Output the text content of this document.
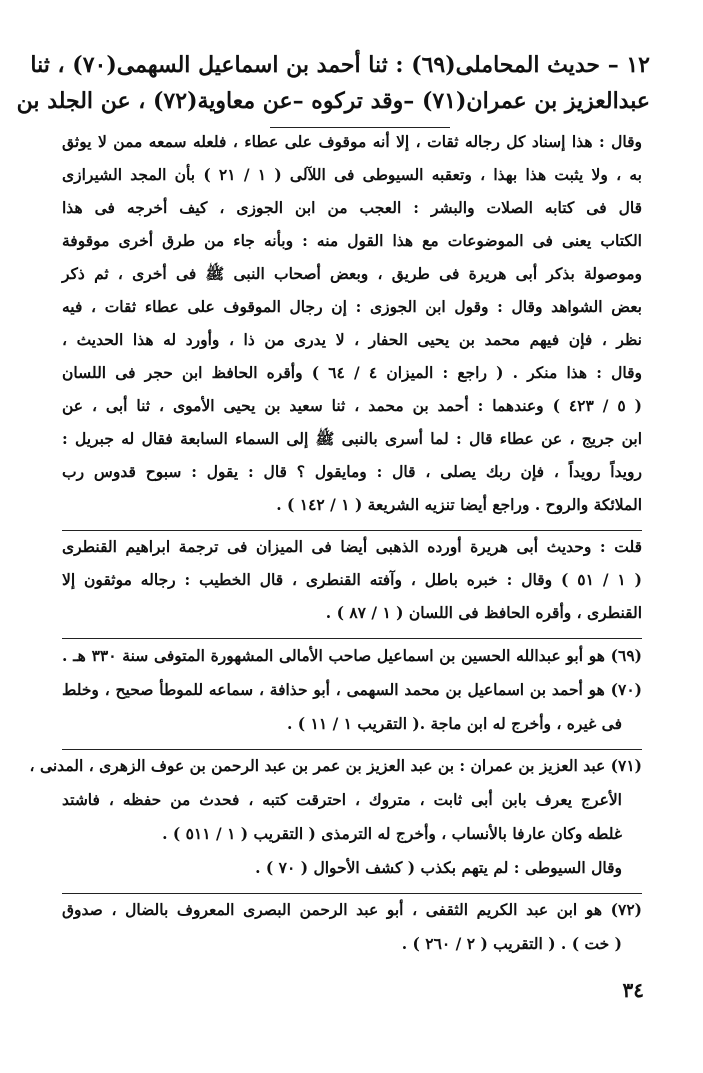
١٢ – حديث المحاملى(٦٩) : ثنا أحمد بن اسماعيل السهمى(٧٠) ، ثنا
عبدالعزيز بن عمران(٧١) –وقد تركوه –عن معاوية(٧٢) ، عن الجلد بن
وقال : هذا إسناد كل رجاله ثقات ، إلا أنه موقوف على عطاء ، فلعله سمعه ممن لا يوثق
به ، ولا يثبت هذا بهذا ، وتعقبه السيوطى فى اللآلى ( ١ / ٢١ ) بأن المجد الشيرازى
قال فى كتابه الصلات والبشر : العجب من ابن الجوزى ، كيف أخرجه فى هذا
الكتاب يعنى فى الموضوعات مع هذا القول منه : وبأنه جاء من طرق أخرى موقوفة
وموصولة بذكر أبى هريرة فى طريق ، وبعض أصحاب النبى ﷺ فى أخرى ، ثم ذكر
بعض الشواهد وقال : وقول ابن الجوزى : إن رجال الموقوف على عطاء ثقات ، فيه
نظر ، فإن فيهم محمد بن يحيى الحفار ، لا يدرى من ذا ، وأورد له هذا الحديث ،
وقال : هذا منكر . ( راجع : الميزان ٤ / ٦٤ ) وأقره الحافظ ابن حجر فى اللسان
( ٥ / ٤٢٣ ) وعندهما : أحمد بن محمد ، ثنا سعيد بن يحيى الأموى ، ثنا أبى ، عن
ابن جريج ، عن عطاء قال : لما أسرى بالنبى ﷺ إلى السماء السابعة فقال له جبريل :
رويداً رويداً ، فإن ربك يصلى ، قال : ومايقول ؟ قال : يقول : سبوح قدوس رب
الملائكة والروح . وراجع أيضا تنزيه الشريعة ( ١ / ١٤٢ ) .
قلت : وحديث أبى هريرة أورده الذهبى أيضا فى الميزان فى ترجمة ابراهيم القنطرى
( ١ / ٥١ ) وقال : خبره باطل ، وآفته القنطرى ، قال الخطيب : رجاله موثقون إلا
القنطرى ، وأقره الحافظ فى اللسان ( ١ / ٨٧ ) .
(٦٩) هو أبو عبدالله الحسين بن اسماعيل صاحب الأمالى المشهورة المتوفى سنة ٣٣٠ هـ .
(٧٠) هو أحمد بن اسماعيل بن محمد السهمى ، أبو حذافة ، سماعه للموطأ صحيح ، وخلط
فى غيره ، وأخرج له ابن ماجة .( التقريب ١ / ١١ ) .
(٧١) عبد العزيز بن عمران : بن عبد العزيز بن عمر بن عبد الرحمن بن عوف الزهرى ، المدنى ،
الأعرج يعرف بابن أبى ثابت ، متروك ، احترقت كتبه ، فحدث من حفظه ، فاشتد
غلطه وكان عارفا بالأنساب ، وأخرج له الترمذى ( التقريب ( ١ / ٥١١ ) .
وقال السيوطى : لم يتهم بكذب ( كشف الأحوال ( ٧٠ ) .
(٧٢) هو ابن عبد الكريم الثقفى ، أبو عبد الرحمن البصرى المعروف بالضال ، صدوق
( خت ) . ( التقريب ( ٢ / ٢٦٠ ) .
٣٤
